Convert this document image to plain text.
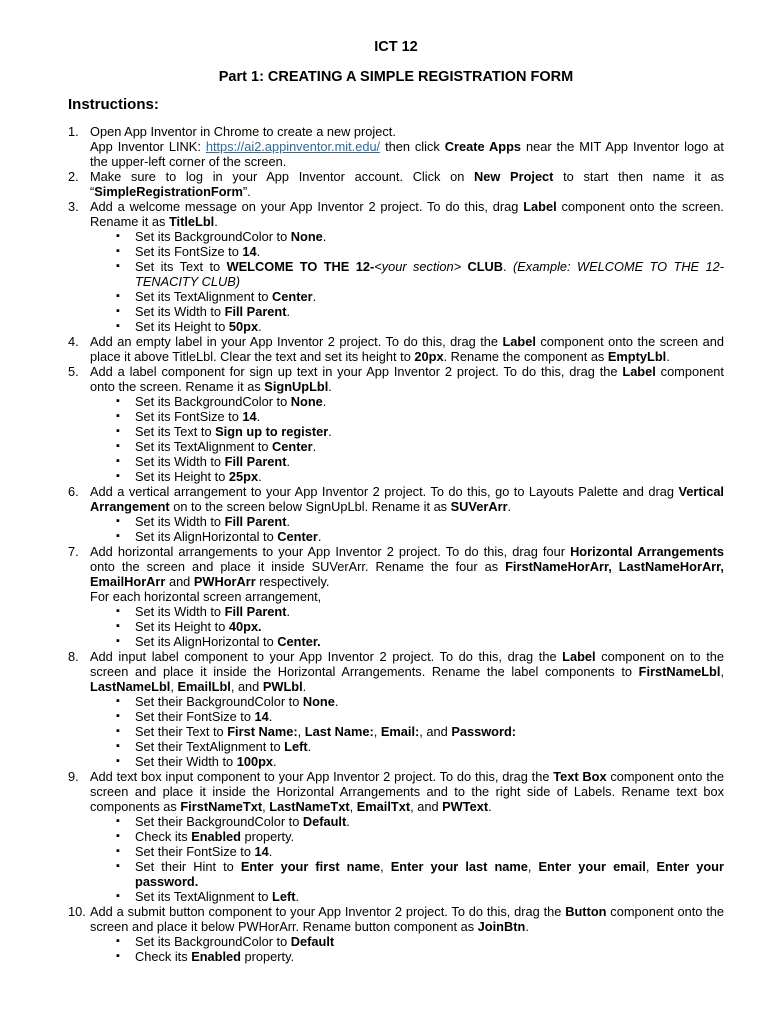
ICT 12
Part 1: CREATING A SIMPLE REGISTRATION FORM
Instructions:
1. Open App Inventor in Chrome to create a new project.
App Inventor LINK: https://ai2.appinventor.mit.edu/ then click Create Apps near the MIT App Inventor logo at the upper-left corner of the screen.
2. Make sure to log in your App Inventor account. Click on New Project to start then name it as “SimpleRegistrationForm”.
3. Add a welcome message on your App Inventor 2 project. To do this, drag Label component onto the screen. Rename it as TitleLbl.
▪ Set its BackgroundColor to None.
▪ Set its FontSize to 14.
▪ Set its Text to WELCOME TO THE 12-<your section> CLUB. (Example: WELCOME TO THE 12-TENACITY CLUB)
▪ Set its TextAlignment to Center.
▪ Set its Width to Fill Parent.
▪ Set its Height to 50px.
4. Add an empty label in your App Inventor 2 project. To do this, drag the Label component onto the screen and place it above TitleLbl. Clear the text and set its height to 20px. Rename the component as EmptyLbl.
5. Add a label component for sign up text in your App Inventor 2 project. To do this, drag the Label component onto the screen. Rename it as SignUpLbl.
▪ Set its BackgroundColor to None.
▪ Set its FontSize to 14.
▪ Set its Text to Sign up to register.
▪ Set its TextAlignment to Center.
▪ Set its Width to Fill Parent.
▪ Set its Height to 25px.
6. Add a vertical arrangement to your App Inventor 2 project. To do this, go to Layouts Palette and drag Vertical Arrangement on to the screen below SignUpLbl. Rename it as SUVerArr.
▪ Set its Width to Fill Parent.
▪ Set its AlignHorizontal to Center.
7. Add horizontal arrangements to your App Inventor 2 project. To do this, drag four Horizontal Arrangements onto the screen and place it inside SUVerArr. Rename the four as FirstNameHorArr, LastNameHorArr, EmailHorArr and PWHorArr respectively.
For each horizontal screen arrangement,
▪ Set its Width to Fill Parent.
▪ Set its Height to 40px.
▪ Set its AlignHorizontal to Center.
8. Add input label component to your App Inventor 2 project. To do this, drag the Label component on to the screen and place it inside the Horizontal Arrangements. Rename the label components to FirstNameLbl, LastNameLbl, EmailLbl, and PWLbl.
▪ Set their BackgroundColor to None.
▪ Set their FontSize to 14.
▪ Set their Text to First Name:, Last Name:, Email:, and Password:
▪ Set their TextAlignment to Left.
▪ Set their Width to 100px.
9. Add text box input component to your App Inventor 2 project. To do this, drag the Text Box component onto the screen and place it inside the Horizontal Arrangements and to the right side of Labels. Rename text box components as FirstNameTxt, LastNameTxt, EmailTxt, and PWText.
▪ Set their BackgroundColor to Default.
▪ Check its Enabled property.
▪ Set their FontSize to 14.
▪ Set their Hint to Enter your first name, Enter your last name, Enter your email, Enter your password.
▪ Set its TextAlignment to Left.
10. Add a submit button component to your App Inventor 2 project. To do this, drag the Button component onto the screen and place it below PWHorArr. Rename button component as JoinBtn.
▪ Set its BackgroundColor to Default
▪ Check its Enabled property.
